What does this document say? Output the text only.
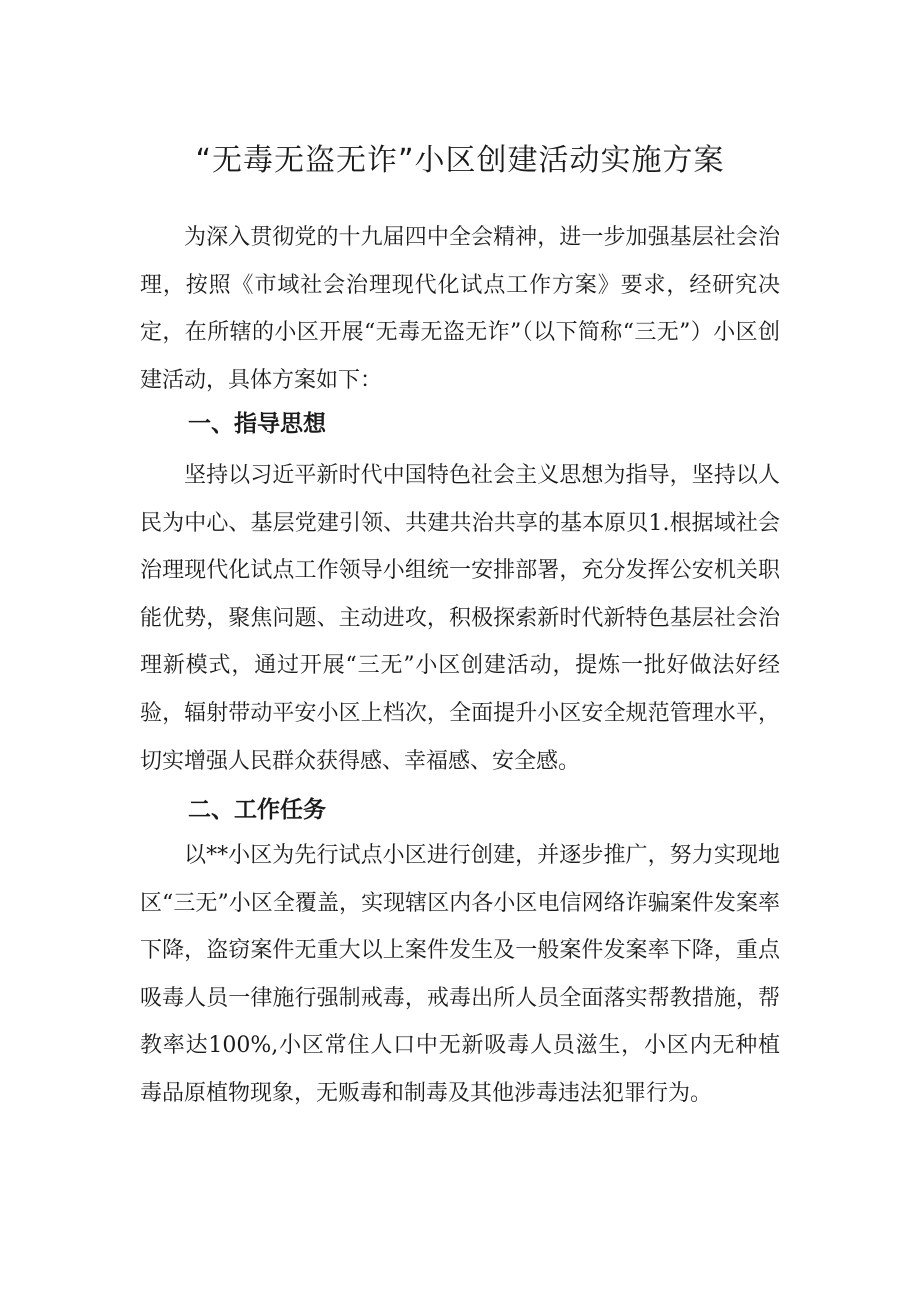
“无毒无盗无诈”小区创建活动实施方案

为深入贯彻党的十九届四中全会精神，进一步加强基层社会治理，按照《市域社会治理现代化试点工作方案》要求，经研究决定，在所辖的小区开展“无毒无盗无诈”（以下简称“三无”）小区创建活动，具体方案如下：

一、指导思想

坚持以习近平新时代中国特色社会主义思想为指导，坚持以人民为中心、基层党建引领、共建共治共享的基本原贝1.根据域社会治理现代化试点工作领导小组统一安排部署，充分发挥公安机关职能优势，聚焦问题、主动进攻，积极探索新时代新特色基层社会治理新模式，通过开展“三无”小区创建活动，提炼一批好做法好经验，辐射带动平安小区上档次，全面提升小区安全规范管理水平，切实增强人民群众获得感、幸福感、安全感。

二、工作任务

以**小区为先行试点小区进行创建，并逐步推广，努力实现地区“三无”小区全覆盖，实现辖区内各小区电信网络诈骗案件发案率下降，盗窃案件无重大以上案件发生及一般案件发案率下降，重点吸毒人员一律施行强制戒毒，戒毒出所人员全面落实帮教措施，帮教率达100%,小区常住人口中无新吸毒人员滋生，小区内无种植毒品原植物现象，无贩毒和制毒及其他涉毒违法犯罪行为。
